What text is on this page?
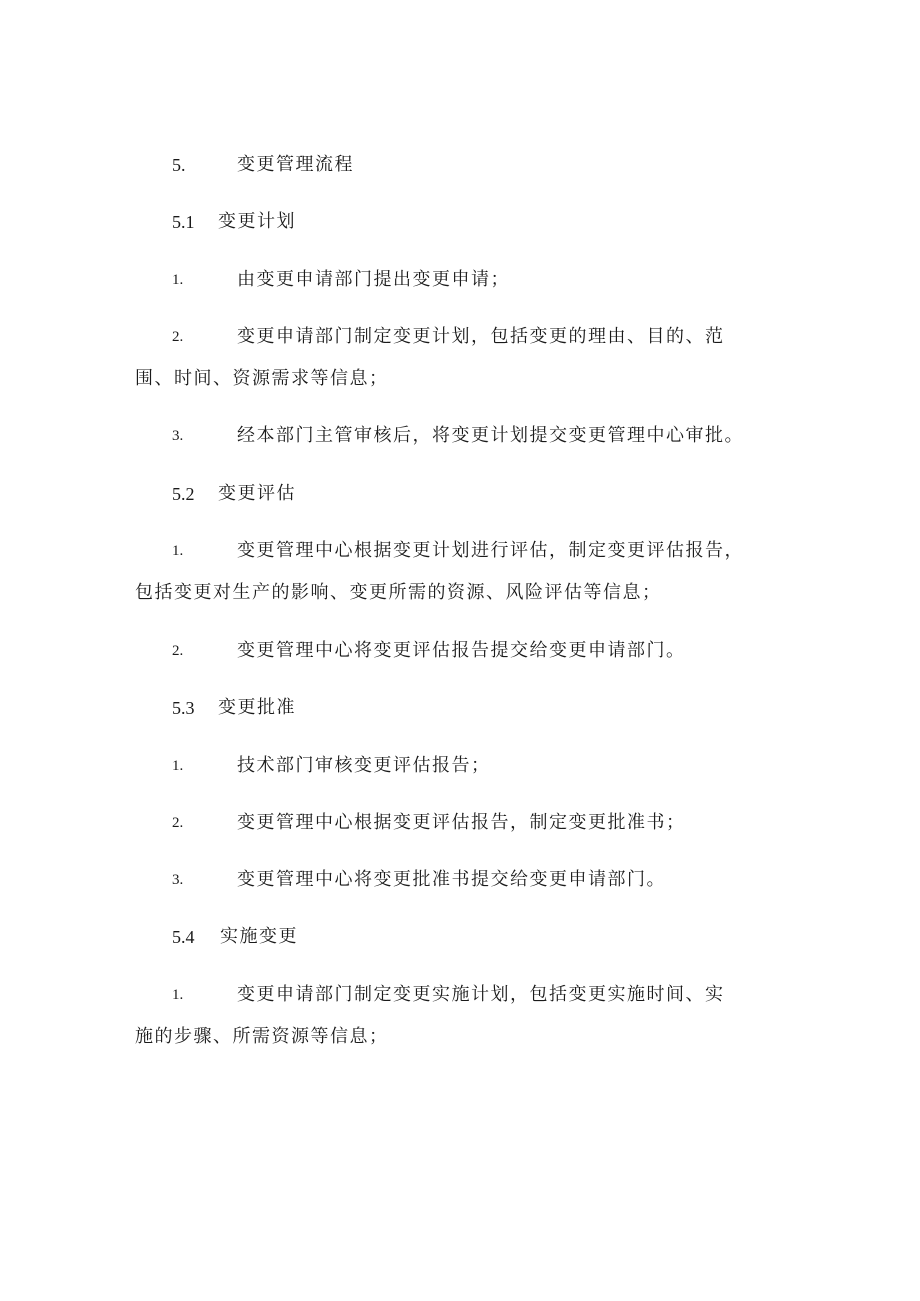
5.	变更管理流程
5.1 变更计划
1.	由变更申请部门提出变更申请；
2.	变更申请部门制定变更计划，包括变更的理由、目的、范
围、时间、资源需求等信息；
3.	经本部门主管审核后，将变更计划提交变更管理中心审批。
5.2 变更评估
1.	变更管理中心根据变更计划进行评估，制定变更评估报告，
包括变更对生产的影响、变更所需的资源、风险评估等信息；
2.	变更管理中心将变更评估报告提交给变更申请部门。
5.3 变更批准
1.	技术部门审核变更评估报告；
2.	变更管理中心根据变更评估报告，制定变更批准书；
3.	变更管理中心将变更批准书提交给变更申请部门。
5.4 实施变更
1.	变更申请部门制定变更实施计划，包括变更实施时间、实
施的步骤、所需资源等信息；
